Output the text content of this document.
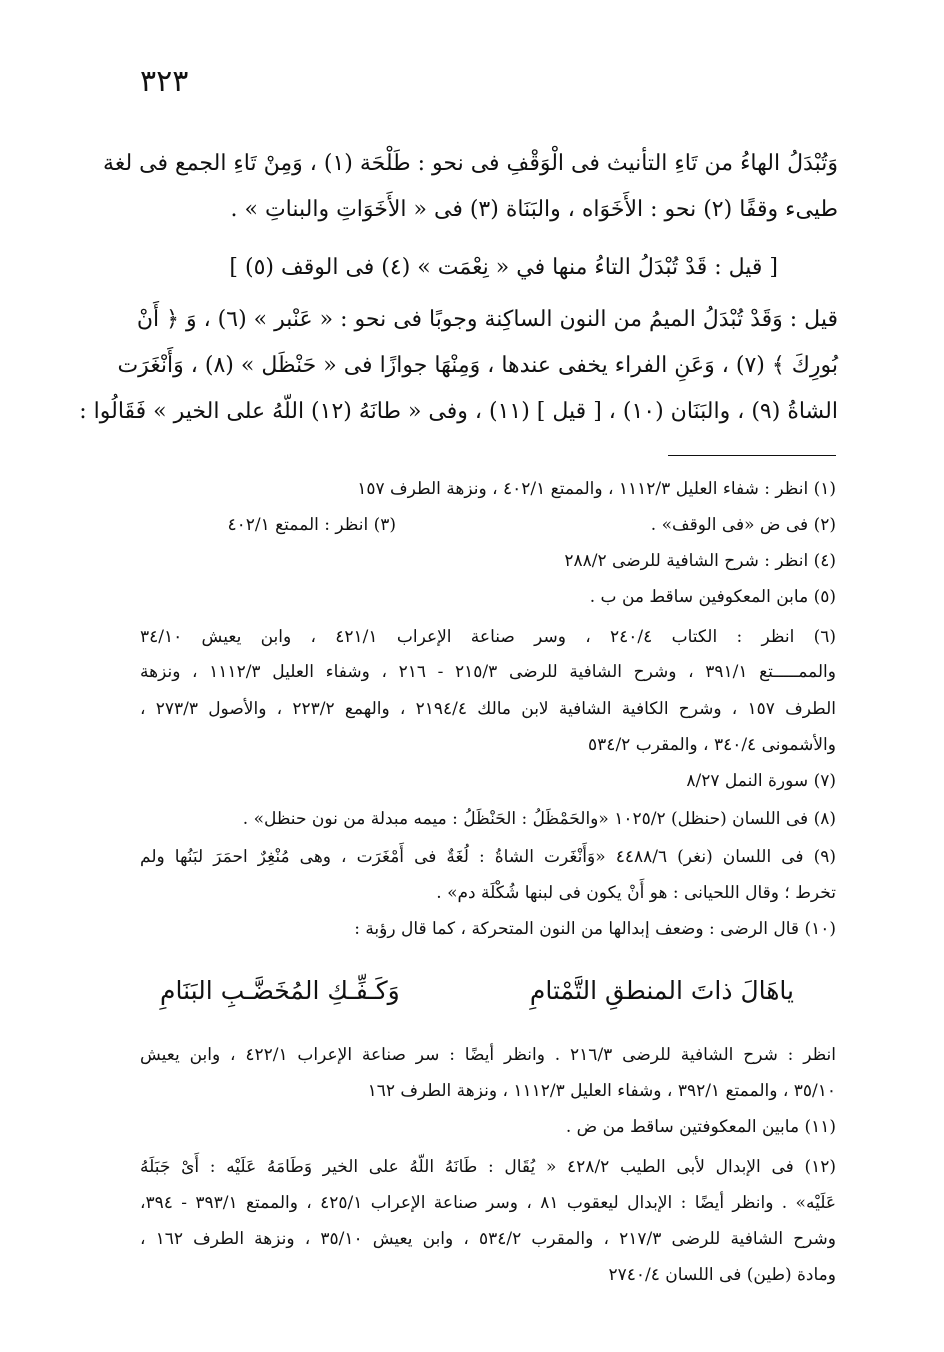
٣٢٣
وَتُبْدَلُ الهاءُ من تَاءِ التأنيث فى الْوَقْفِ فى نحو : طَلْحَة (١) ، وَمِنْ تَاءِ الجمع فى لغة
طيىء وقفًا (٢) نحو : الأَخَوَاه ، والبَنَاة (٣) فى « الأَخَوَاتِ والبناتِ » .
[ قيل : قَدْ تُبْدَلُ التاءُ منها في « نِعْمَت » (٤) فى الوقف (٥) ]
قيل : وَقَدْ تُبْدَلُ الميمُ من النون الساكِنة وجوبًا فى نحو : « عَنْبر » (٦) ، وَ ﴿ أَنْ
بُورِكَ ﴾ (٧) ، وَعَنِ الفراء يخفى عندها ، وَمِنْهَا جوازًا فى « حَنْظَل » (٨) ، وَأَنْغَرَت
الشاةُ (٩) ، والبَنَان (١٠) ، [ قيل ] (١١) ، وفى « طانَهُ (١٢) اللّهُ على الخير » فَقَالُوا :
(١) انظر : شفاء العليل ١١١٢/٣ ، والممتع ٤٠٢/١ ، ونزهة الطرف ١٥٧
(٢) فى ض «فى الوقف» .
(٣) انظر : الممتع ٤٠٢/١
(٤) انظر : شرح الشافية للرضى ٢٨٨/٢
(٥) مابن المعكوفين ساقط من ب .
(٦) انظر : الكتاب ٢٤٠/٤ ، وسر صناعة الإعراب ٤٢١/١ ، وابن يعيش ٣٤/١٠
والممـــــتع ٣٩١/١ ، وشرح الشافية للرضى ٢١٥/٣ - ٢١٦ ، وشفاء العليل ١١١٢/٣ ، ونزهة
الطرف ١٥٧ ، وشرح الكافية الشافية لابن مالك ٢١٩٤/٤ ، والهمع ٢٢٣/٢ ، والأصول ٢٧٣/٣ ،
والأشمونى ٣٤٠/٤ ، والمقرب ٥٣٤/٢
(٧) سورة النمل ٨/٢٧
(٨) فى اللسان (حنظل) ١٠٢٥/٢ «والحَمْظَلُ : الحَنْظَلُ : ميمه مبدلة من نون حنظل» .
(٩) فى اللسان (نغر) ٤٤٨٨/٦ «وَأَنْغَرت الشاةُ : لُغَةٌ فى أَمْغَرَت ، وهى مُنْغِرٌ احمَرَ لبَنُها ولم
تخرط ؛ وقال اللحيانى : هو أَنْ يكون فى لبنها شُكْلَة دم» .
(١٠) قال الرضى : وضعف إبدالها من النون المتحركة ، كما قال رؤبة :
ياهَالَ ذاتَ المنطقِ التَّمْتامِ
وَكَـفِّـكِ المُخَضَّـبِ البَنَامِ
انظر : شرح الشافية للرضى ٢١٦/٣ . وانظر أيضًا : سر صناعة الإعراب ٤٢٢/١ ، وابن يعيش
٣٥/١٠ ، والممتع ٣٩٢/١ ، وشفاء العليل ١١١٢/٣ ، ونزهة الطرف ١٦٢
(١١) مابين المعكوفتين ساقط من ض .
(١٢) فى الإبدال لأبى الطيب ٤٢٨/٢ « يُقَال : طَانَهُ اللّهُ على الخير وَطَامَهُ عَلَيْه : أَىْ جَبَلَهُ
عَلَيْه» . وانظر أيضًا : الإبدال ليعقوب ٨١ ، وسر صناعة الإعراب ٤٢٥/١ ، والممتع ٣٩٣/١ - ٣٩٤،
وشرح الشافية للرضى ٢١٧/٣ ، والمقرب ٥٣٤/٢ ، وابن يعيش ٣٥/١٠ ، ونزهة الطرف ١٦٢ ،
ومادة (طين) فى اللسان ٢٧٤٠/٤
